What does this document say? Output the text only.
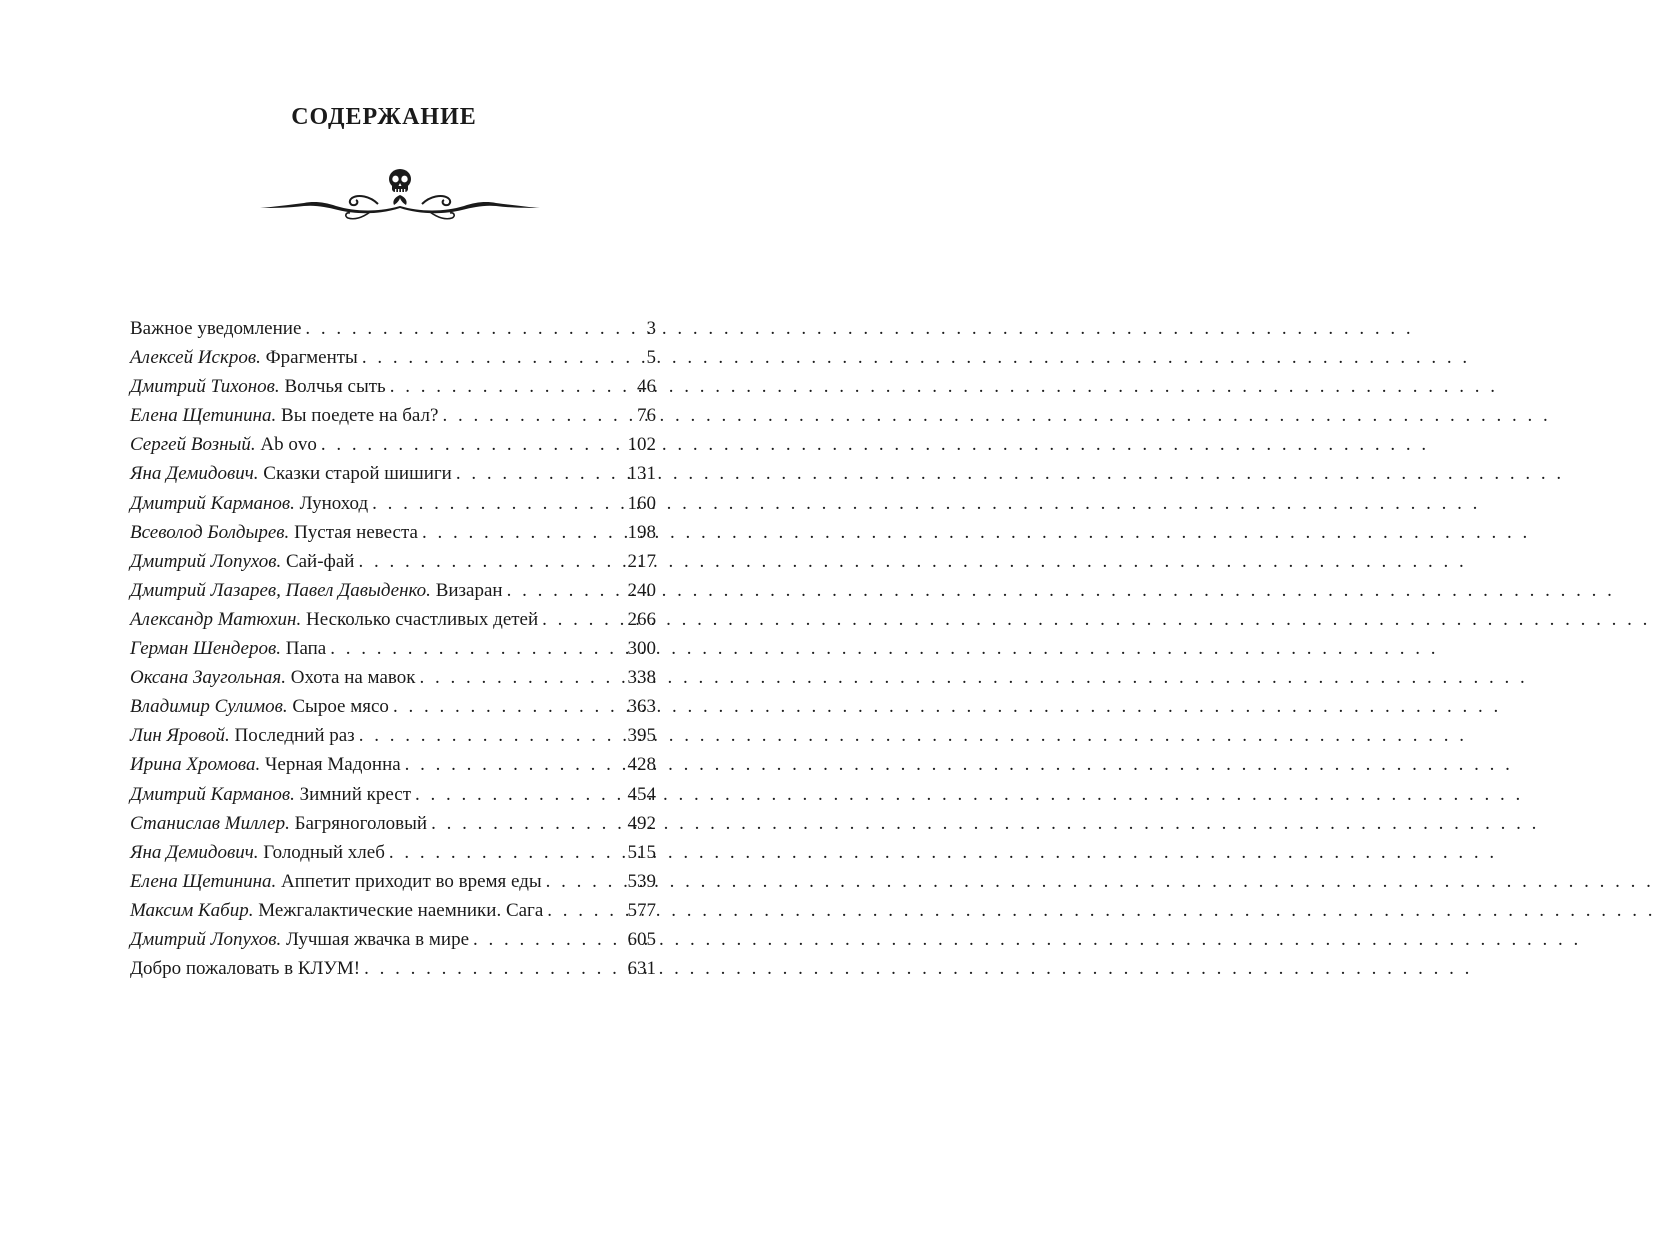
СОДЕРЖАНИЕ
Важное уведомление . . .	3
Алексей Искров. Фрагменты . . .	5
Дмитрий Тихонов. Волчья сыть . . .	46
Елена Щетинина. Вы поедете на бал? . . .	76
Сергей Возный. Ab ovo . . .	102
Яна Демидович. Сказки старой шишиги . . .	131
Дмитрий Карманов. Луноход . . .	160
Всеволод Болдырев. Пустая невеста . . .	198
Дмитрий Лопухов. Сай-фай . . .	217
Дмитрий Лазарев, Павел Давыденко. Визаран . . .	240
Александр Матюхин. Несколько счастливых детей . . .	266
Герман Шендеров. Папа . . .	300
Оксана Заугольная. Охота на мавок . . .	338
Владимир Сулимов. Сырое мясо . . .	363
Лин Яровой. Последний раз . . .	395
Ирина Хромова. Черная Мадонна . . .	428
Дмитрий Карманов. Зимний крест . . .	454
Станислав Миллер. Багряноголовый . . .	492
Яна Демидович. Голодный хлеб . . .	515
Елена Щетинина. Аппетит приходит во время еды . . .	539
Максим Кабир. Межгалактические наемники. Сага . . .	577
Дмитрий Лопухов. Лучшая жвачка в мире . . .	605
Добро пожаловать в КЛУМ! . . .	631
